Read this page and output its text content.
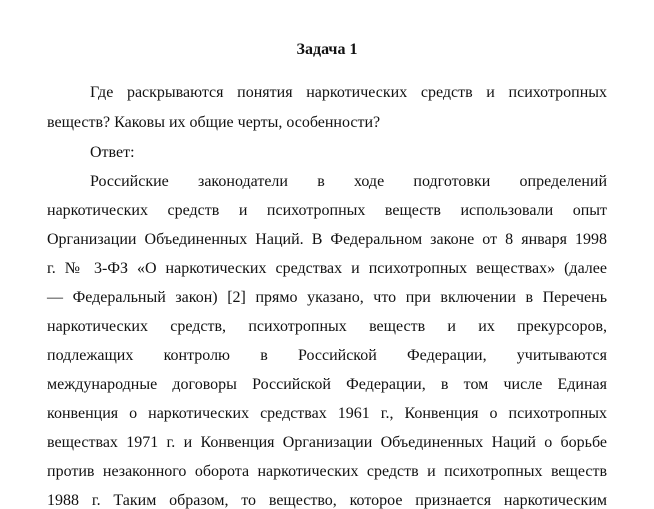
Задача 1
Где раскрываются понятия наркотических средств и психотропных
веществ? Каковы их общие черты, особенности?
Ответ:
Российские законодатели в ходе подготовки определений
наркотических средств и психотропных веществ использовали опыт
Организации Объединенных Наций. В Федеральном законе от 8 января 1998
г. № 3-ФЗ «О наркотических средствах и психотропных веществах» (далее
— Федеральный закон) [2] прямо указано, что при включении в Перечень
наркотических средств, психотропных веществ и их прекурсоров,
подлежащих контролю в Российской Федерации, учитываются
международные договоры Российской Федерации, в том числе Единая
конвенция о наркотических средствах 1961 г., Конвенция о психотропных
веществах 1971 г. и Конвенция Организации Объединенных Наций о борьбе
против незаконного оборота наркотических средств и психотропных веществ
1988 г. Таким образом, то вещество, которое признается наркотическим
